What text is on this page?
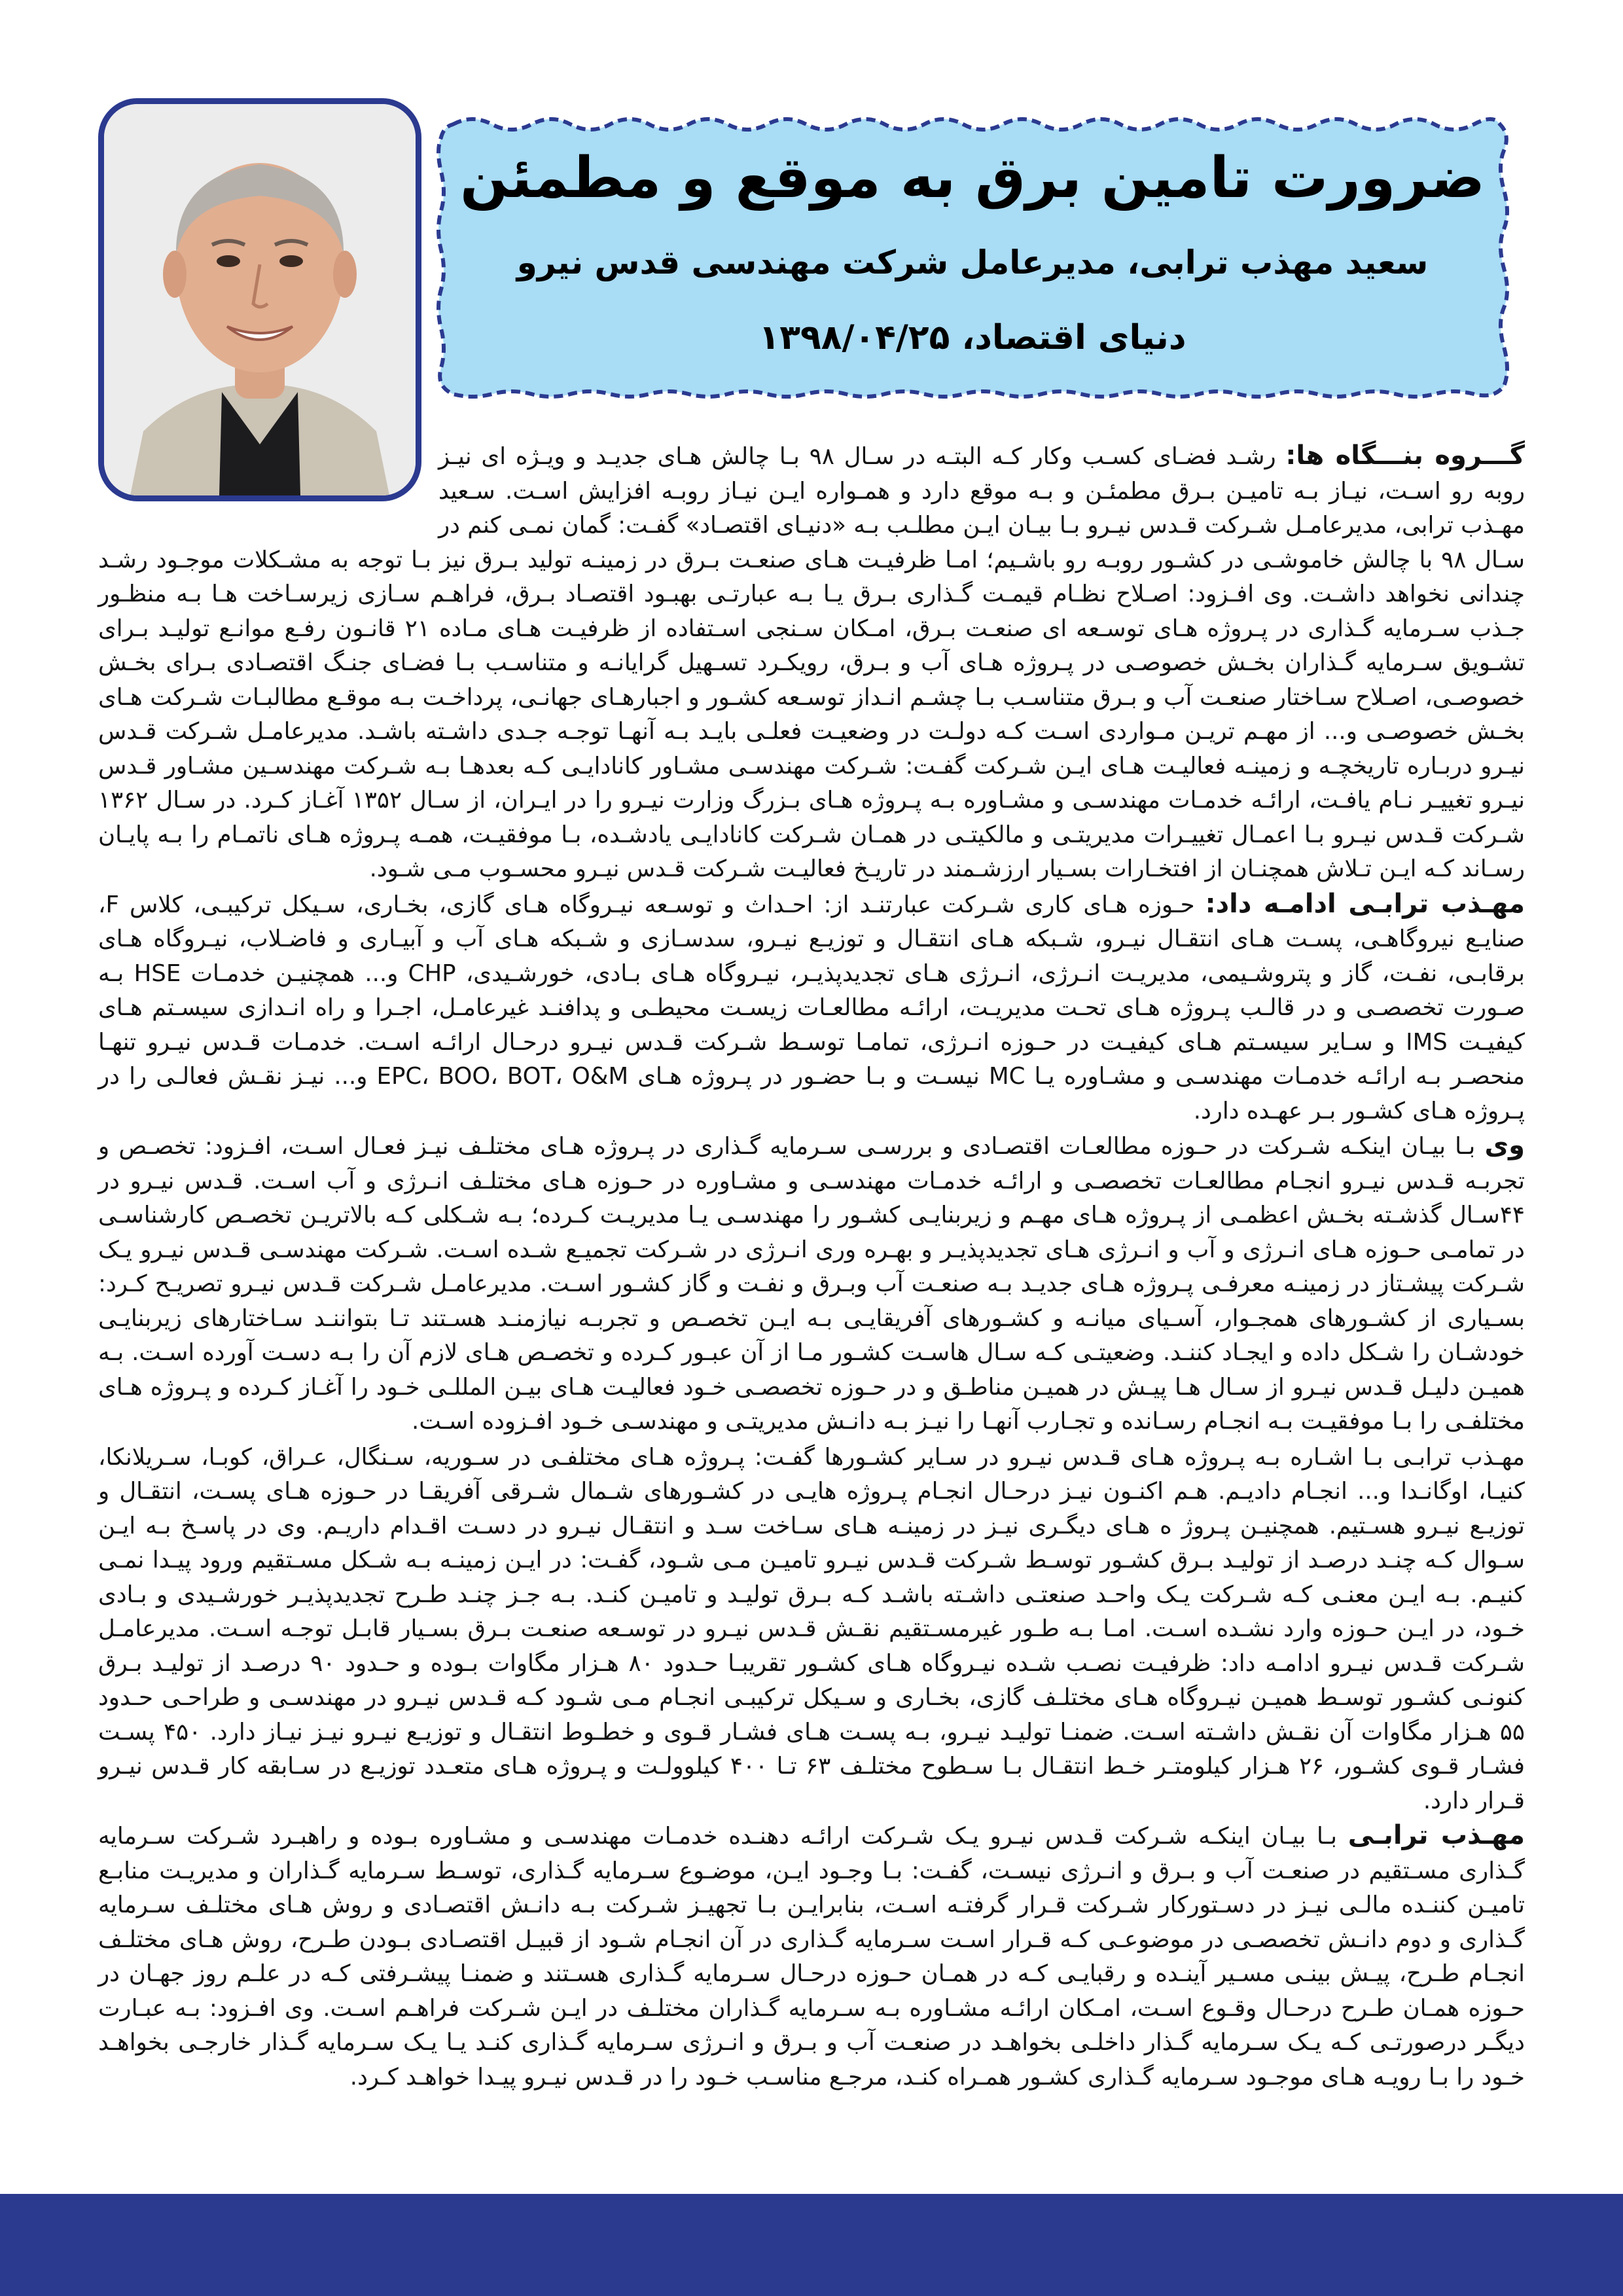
ضرورت تامین برق به موقع و مطمئن
سعید مهذب ترابی، مدیرعامل شرکت مهندسی قدس نیرو
دنیای اقتصاد، ۱۳۹۸/۰۴/۲۵

گـــروه بنـــگاه ها: رشـد فضـای کسـب وکار کـه البتـه در سـال ۹۸ بـا چالش هـای جدیـد و ویـژه ای نیـز روبه رو اسـت، نیـاز بـه تامیـن بـرق مطمئـن و بـه موقع دارد و همـواره ایـن نیـاز روبـه افزایش اسـت. سـعید مهـذب ترابی، مدیرعامـل شـرکت قـدس نیـرو بـا بیـان ایـن مطلـب بـه «دنیـای اقتصـاد» گفـت: گمان نمـی کنم در سـال ۹۸ با چالش خاموشـی در کشـور روبـه رو باشـیم؛ امـا ظرفیـت هـای صنعـت بـرق در زمینـه تولید بـرق نیز بـا توجه به مشـکلات موجـود رشـد چندانی نخواهد داشـت. وی افـزود: اصـلاح نظـام قیمـت گـذاری بـرق یـا بـه عبارتـی بهبـود اقتصـاد بـرق، فراهـم سـازی زیرسـاخت هـا بـه منظـور جـذب سـرمایه گـذاری در پـروژه هـای توسـعه ای صنعـت بـرق، امـکان سـنجی اسـتفاده از ظرفیـت هـای مـاده ۲۱ قانـون رفـع موانـع تولیـد بـرای تشـویق سـرمایه گـذاران بخـش خصوصـی در پـروژه هـای آب و بـرق، رویکـرد تسـهیل گرایانـه و متناسـب بـا فضـای جنـگ اقتصـادی بـرای بخـش خصوصـی، اصـلاح سـاختار صنعـت آب و بـرق متناسـب بـا چشـم انـداز توسـعه کشـور و اجبارهـای جهانـی، پرداخـت بـه موقـع مطالبـات شـرکت هـای بخـش خصوصـی و... از مهـم تریـن مـواردی اسـت کـه دولـت در وضعیـت فعلـی بایـد بـه آنهـا توجـه جـدی داشـته باشـد. مدیرعامـل شـرکت قـدس نیـرو دربـاره تاریخچـه و زمینـه فعالیـت هـای ایـن شـرکت گفـت: شـرکت مهندسـی مشـاور کانادایـی کـه بعدهـا بـه شـرکت مهندسـین مشـاور قـدس نیـرو تغییـر نـام یافـت، ارائـه خدمـات مهندسـی و مشـاوره بـه پـروژه هـای بـزرگ وزارت نیـرو را در ایـران، از سـال ۱۳۵۲ آغـاز کـرد. در سـال ۱۳۶۲ شـرکت قـدس نیـرو بـا اعمـال تغییـرات مدیریتـی و مالکیتـی در همـان شـرکت کانادایـی یادشـده، بـا موفقیـت، همـه پـروژه هـای ناتمـام را بـه پایـان رسـاند کـه ایـن تـلاش همچنـان از افتخـارات بسـیار ارزشـمند در تاریـخ فعالیـت شـرکت قـدس نیـرو محسـوب مـی شـود.

مهـذب ترابـی ادامـه داد: حـوزه هـای کاری شـرکت عبارتنـد از: احـداث و توسـعه نیـروگاه هـای گازی، بخـاری، سـیکل ترکیبـی، کلاس F، صنایـع نیروگاهـی، پسـت هـای انتقـال نیـرو، شـبکه هـای انتقـال و توزیـع نیـرو، سدسـازی و شـبکه هـای آب و آبیـاری و فاضـلاب، نیـروگاه هـای برقابـی، نفـت، گاز و پتروشـیمی، مدیریـت انـرژی، انـرژی هـای تجدیدپذیـر، نیـروگاه هـای بـادی، خورشـیدی، CHP و... همچنیـن خدمـات HSE بـه صـورت تخصصـی و در قالـب پـروژه هـای تحـت مدیریـت، ارائـه مطالعـات زیسـت محیطـی و پدافنـد غیرعامـل، اجـرا و راه انـدازی سیسـتم هـای کیفیـت IMS و سـایر سیسـتم هـای کیفیـت در حـوزه انـرژی، تمامـا توسـط شـرکت قـدس نیـرو درحـال ارائـه اسـت. خدمـات قـدس نیـرو تنهـا منحصـر بـه ارائـه خدمـات مهندسـی و مشـاوره یـا MC نیسـت و بـا حضـور در پـروژه هـای EPC، BOO، BOT، O&M و... نیـز نقـش فعالـی را در پـروژه هـای کشـور بـر عهـده دارد.

وی بـا بیـان اینکـه شـرکت در حـوزه مطالعـات اقتصـادی و بررسـی سـرمایه گـذاری در پـروژه هـای مختلـف نیـز فعـال اسـت، افـزود: تخصـص و تجربـه قـدس نیـرو انجـام مطالعـات تخصصـی و ارائـه خدمـات مهندسـی و مشـاوره در حـوزه هـای مختلـف انـرژی و آب اسـت. قـدس نیـرو در ۴۴سـال گذشـته بخـش اعظمـی از پـروژه هـای مهـم و زیربنایـی کشـور را مهندسـی یـا مدیریـت کـرده؛ بـه شـکلی کـه بالاتریـن تخصـص کارشناسـی در تمامـی حـوزه هـای انـرژی و آب و انـرژی هـای تجدیدپذیـر و بهـره وری انـرژی در شـرکت تجمیـع شـده اسـت. شـرکت مهندسـی قـدس نیـرو یـک شـرکت پیشـتاز در زمینـه معرفـی پـروژه هـای جدیـد بـه صنعـت آب وبـرق و نفـت و گاز کشـور اسـت. مدیرعامـل شـرکت قـدس نیـرو تصریـح کـرد: بسـیاری از کشـورهای همجـوار، آسـیای میانـه و کشـورهای آفریقایـی بـه ایـن تخصـص و تجربـه نیازمنـد هسـتند تـا بتواننـد سـاختارهای زیربنایـی خودشـان را شـکل داده و ایجـاد کننـد. وضعیتـی کـه سـال هاسـت کشـور مـا از آن عبـور کـرده و تخصـص هـای لازم آن را بـه دسـت آورده اسـت. بـه همیـن دلیـل قـدس نیـرو از سـال هـا پیـش در همیـن مناطـق و در حـوزه تخصصـی خـود فعالیـت هـای بیـن المللـی خـود را آغـاز کـرده و پـروژه هـای مختلفـی را بـا موفقیـت بـه انجـام رسـانده و تجـارب آنهـا را نیـز بـه دانـش مدیریتـی و مهندسـی خـود افـزوده اسـت.

مهـذب ترابـی بـا اشـاره بـه پـروژه هـای قـدس نیـرو در سـایر کشـورها گفـت: پـروژه هـای مختلفـی در سـوریه، سـنگال، عـراق، کوبـا، سـریلانکا، کنیـا، اوگانـدا و... انجـام دادیـم. هـم اکنـون نیـز درحـال انجـام پـروژه هایـی در کشـورهای شـمال شـرقی آفریقـا در حـوزه هـای پسـت، انتقـال و توزیـع نیـرو هسـتیم. همچنیـن پـروژ ه هـای دیگـری نیـز در زمینـه هـای سـاخت سـد و انتقـال نیـرو در دسـت اقـدام داریـم. وی در پاسـخ بـه ایـن سـوال کـه چنـد درصـد از تولیـد بـرق کشـور توسـط شـرکت قـدس نیـرو تامیـن مـی شـود، گفـت: در ایـن زمینـه بـه شـکل مسـتقیم ورود پیـدا نمـی کنیـم. بـه ایـن معنـی کـه شـرکت یـک واحـد صنعتـی داشـته باشـد کـه بـرق تولیـد و تامیـن کنـد. بـه جـز چنـد طـرح تجدیدپذیـر خورشـیدی و بـادی خـود، در ایـن حـوزه وارد نشـده اسـت. امـا بـه طـور غیرمسـتقیم نقـش قـدس نیـرو در توسـعه صنعـت بـرق بسـیار قابـل توجـه اسـت. مدیرعامـل شـرکت قـدس نیـرو ادامـه داد: ظرفیـت نصـب شـده نیـروگاه هـای کشـور تقریبـا حـدود ۸۰ هـزار مگاوات بـوده و حـدود ۹۰ درصـد از تولیـد بـرق کنونـی کشـور توسـط همیـن نیـروگاه هـای مختلـف گازی، بخـاری و سـیکل ترکیبـی انجـام مـی شـود کـه قـدس نیـرو در مهندسـی و طراحـی حـدود ۵۵ هـزار مگاوات آن نقـش داشـته اسـت. ضمنـا تولیـد نیـرو، بـه پسـت هـای فشـار قـوی و خطـوط انتقـال و توزیـع نیـرو نیـز نیـاز دارد. ۴۵۰ پسـت فشـار قـوی کشـور، ۲۶ هـزار کیلومتـر خـط انتقـال بـا سـطوح مختلـف ۶۳ تـا ۴۰۰ کیلوولـت و پـروژه هـای متعـدد توزیـع در سـابقه کار قـدس نیـرو قـرار دارد.

مهـذب ترابـی بـا بیـان اینکـه شـرکت قـدس نیـرو یـک شـرکت ارائـه دهنـده خدمـات مهندسـی و مشـاوره بـوده و راهبـرد شـرکت سـرمایه گـذاری مسـتقیم در صنعـت آب و بـرق و انـرژی نیسـت، گفـت: بـا وجـود ایـن، موضـوع سـرمایه گـذاری، توسـط سـرمایه گـذاران و مدیریـت منابـع تامیـن کننـده مالـی نیـز در دسـتورکار شـرکت قـرار گرفتـه اسـت، بنابرایـن بـا تجهیـز شـرکت بـه دانـش اقتصـادی و روش هـای مختلـف سـرمایه گـذاری و دوم دانـش تخصصـی در موضوعـی کـه قـرار اسـت سـرمایه گـذاری در آن انجـام شـود از قبیـل اقتصـادی بـودن طـرح، روش هـای مختلـف انجـام طـرح، پیـش بینـی مسـیر آینـده و رقبایـی کـه در همـان حـوزه درحـال سـرمایه گـذاری هسـتند و ضمنـا پیشـرفتی کـه در علـم روز جهـان در حـوزه همـان طـرح درحـال وقـوع اسـت، امـکان ارائـه مشـاوره بـه سـرمایه گـذاران مختلـف در ایـن شـرکت فراهـم اسـت. وی افـزود: بـه عبـارت دیگـر درصورتـی کـه یـک سـرمایه گـذار داخلـی بخواهـد در صنعـت آب و بـرق و انـرژی سـرمایه گـذاری کنـد یـا یـک سـرمایه گـذار خارجـی بخواهـد خـود را بـا رویـه هـای موجـود سـرمایه گـذاری کشـور همـراه کنـد، مرجـع مناسـب خـود را در قـدس نیـرو پیـدا خواهـد کـرد.
